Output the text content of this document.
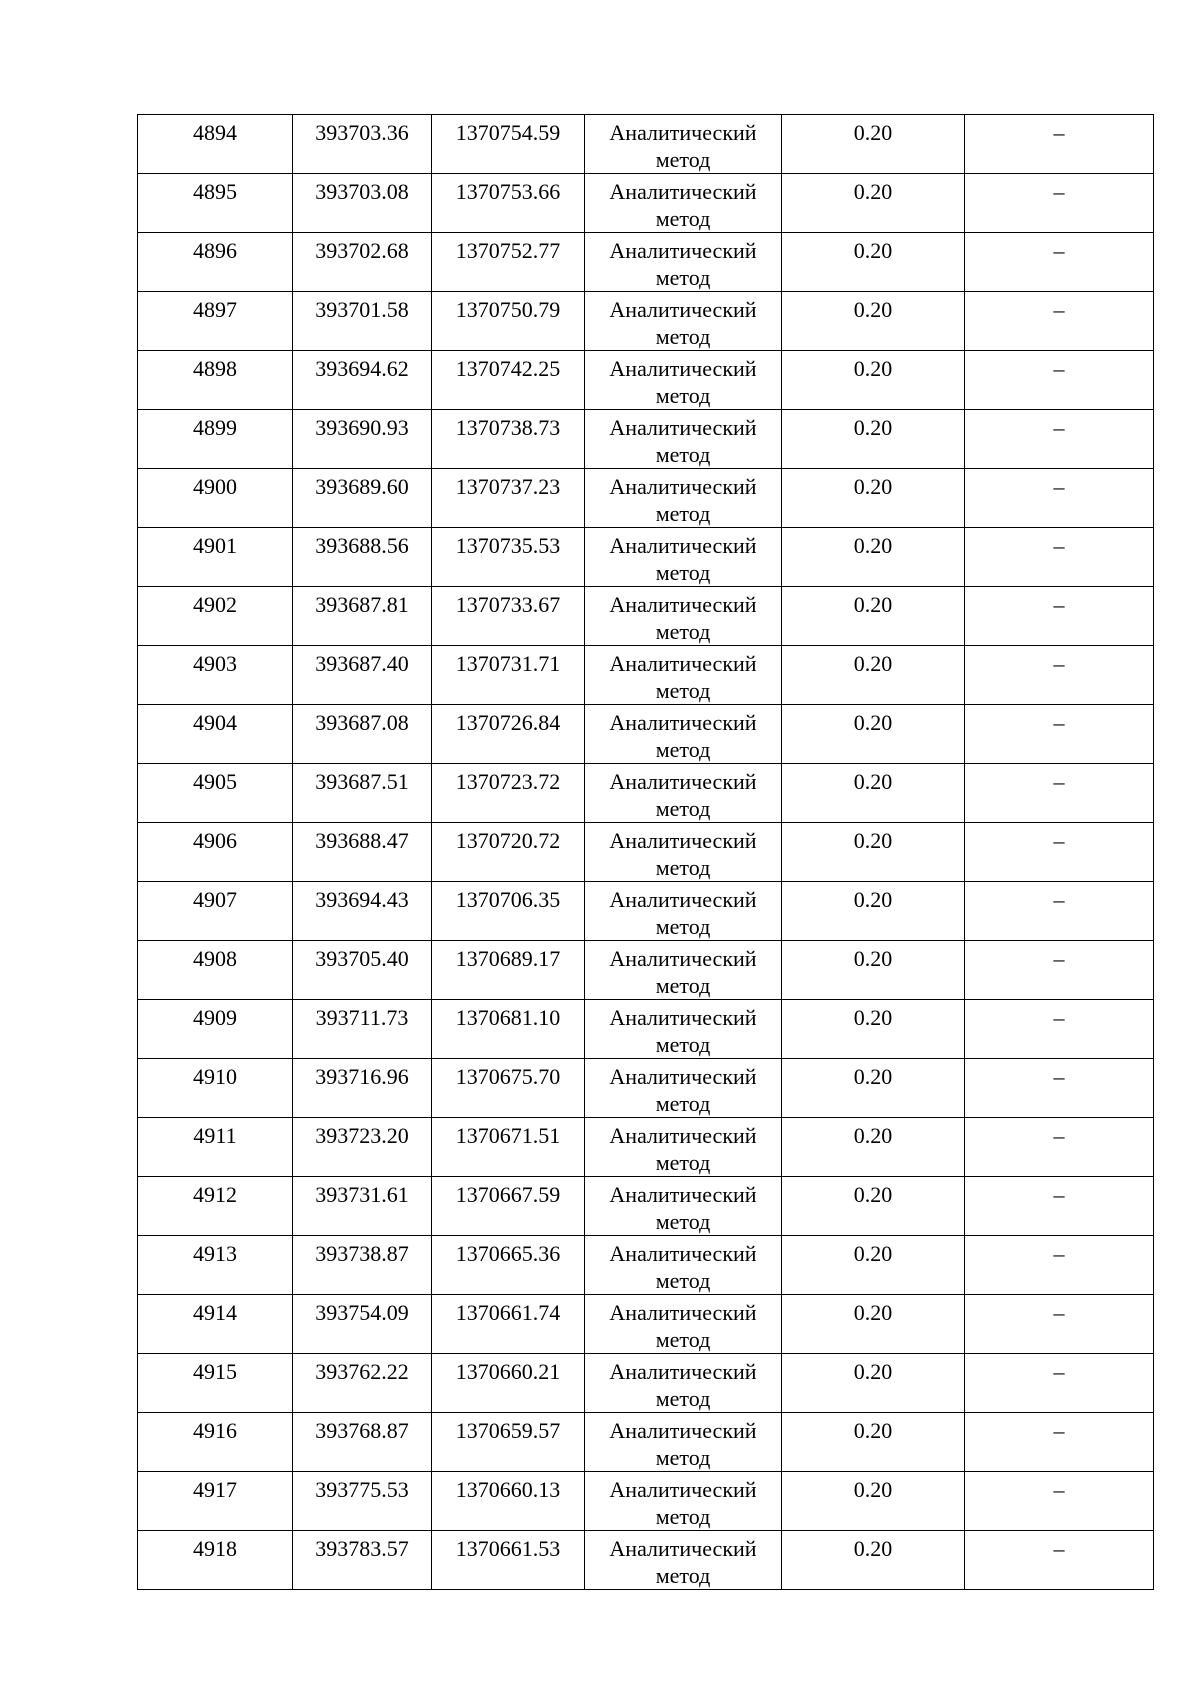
4894	393703.36	1370754.59	Аналитический
метод	0.20	–

4895	393703.08	1370753.66	Аналитический
метод	0.20	–

4896	393702.68	1370752.77	Аналитический
метод	0.20	–

4897	393701.58	1370750.79	Аналитический
метод	0.20	–

4898	393694.62	1370742.25	Аналитический
метод	0.20	–

4899	393690.93	1370738.73	Аналитический
метод	0.20	–

4900	393689.60	1370737.23	Аналитический
метод	0.20	–

4901	393688.56	1370735.53	Аналитический
метод	0.20	–

4902	393687.81	1370733.67	Аналитический
метод	0.20	–

4903	393687.40	1370731.71	Аналитический
метод	0.20	–

4904	393687.08	1370726.84	Аналитический
метод	0.20	–

4905	393687.51	1370723.72	Аналитический
метод	0.20	–

4906	393688.47	1370720.72	Аналитический
метод	0.20	–

4907	393694.43	1370706.35	Аналитический
метод	0.20	–

4908	393705.40	1370689.17	Аналитический
метод	0.20	–

4909	393711.73	1370681.10	Аналитический
метод	0.20	–

4910	393716.96	1370675.70	Аналитический
метод	0.20	–

4911	393723.20	1370671.51	Аналитический
метод	0.20	–

4912	393731.61	1370667.59	Аналитический
метод	0.20	–

4913	393738.87	1370665.36	Аналитический
метод	0.20	–

4914	393754.09	1370661.74	Аналитический
метод	0.20	–

4915	393762.22	1370660.21	Аналитический
метод	0.20	–

4916	393768.87	1370659.57	Аналитический
метод	0.20	–

4917	393775.53	1370660.13	Аналитический
метод	0.20	–

4918	393783.57	1370661.53	Аналитический
метод	0.20	–
